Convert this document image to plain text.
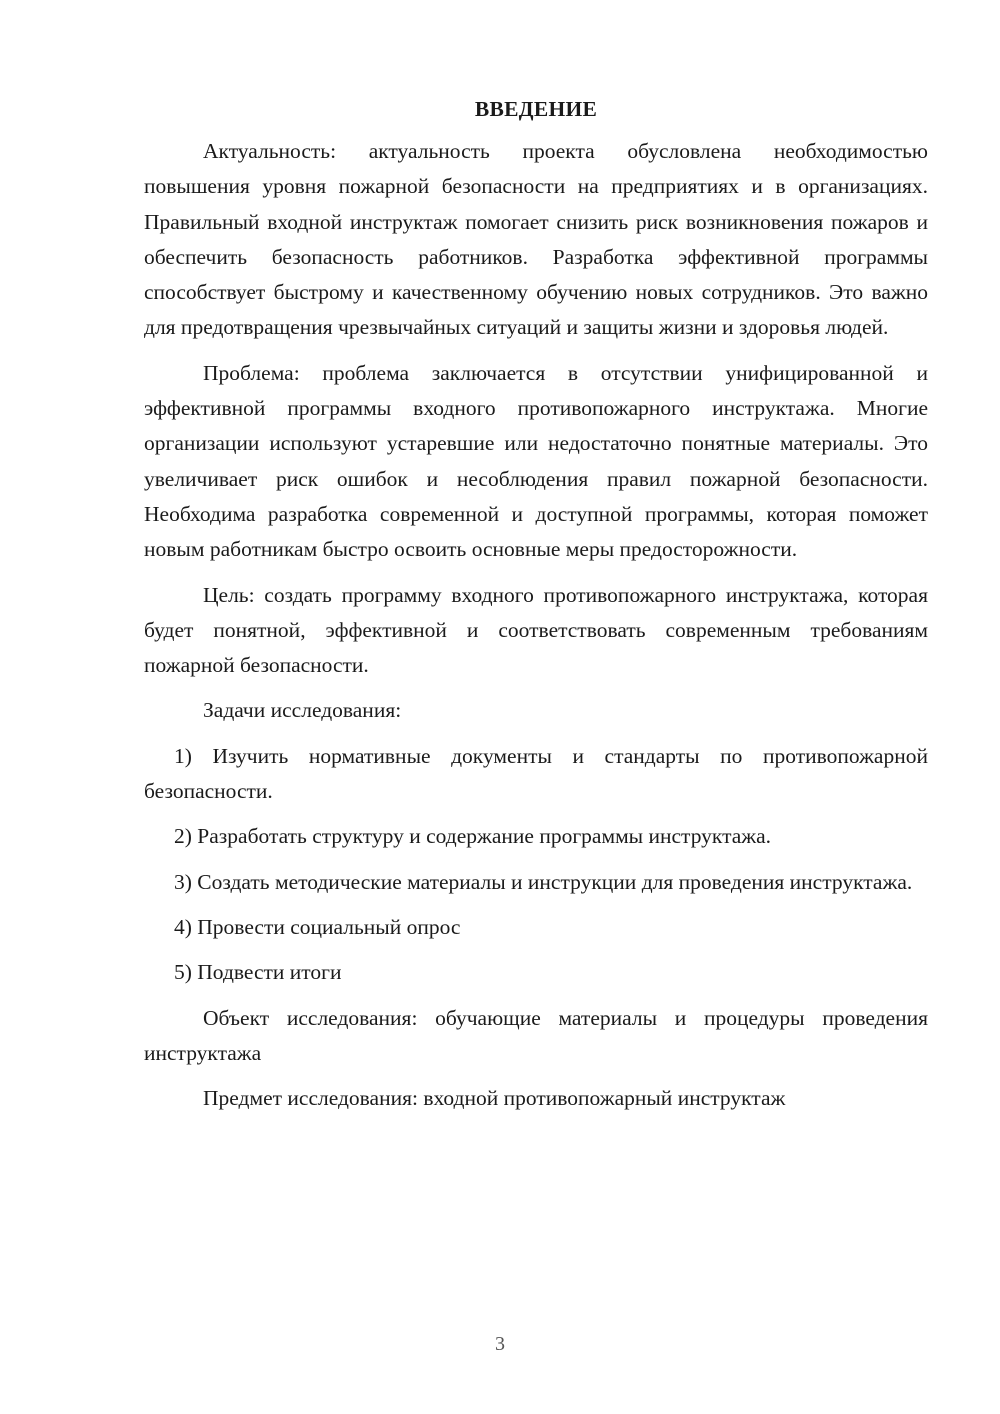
ВВЕДЕНИЕ

Актуальность: актуальность проекта обусловлена необходимостью повышения уровня пожарной безопасности на предприятиях и в организациях. Правильный входной инструктаж помогает снизить риск возникновения пожаров и обеспечить безопасность работников. Разработка эффективной программы способствует быстрому и качественному обучению новых сотрудников. Это важно для предотвращения чрезвычайных ситуаций и защиты жизни и здоровья людей.

Проблема: проблема заключается в отсутствии унифицированной и эффективной программы входного противопожарного инструктажа. Многие организации используют устаревшие или недостаточно понятные материалы. Это увеличивает риск ошибок и несоблюдения правил пожарной безопасности. Необходима разработка современной и доступной программы, которая поможет новым работникам быстро освоить основные меры предосторожности.

Цель: создать программу входного противопожарного инструктажа, которая будет понятной, эффективной и соответствовать современным требованиям пожарной безопасности.

Задачи исследования:

1) Изучить нормативные документы и стандарты по противопожарной безопасности.

2) Разработать структуру и содержание программы инструктажа.

3) Создать методические материалы и инструкции для проведения инструктажа.

4) Провести социальный опрос

5) Подвести итоги

Объект исследования: обучающие материалы и процедуры проведения инструктажа

Предмет исследования: входной противопожарный инструктаж

3
